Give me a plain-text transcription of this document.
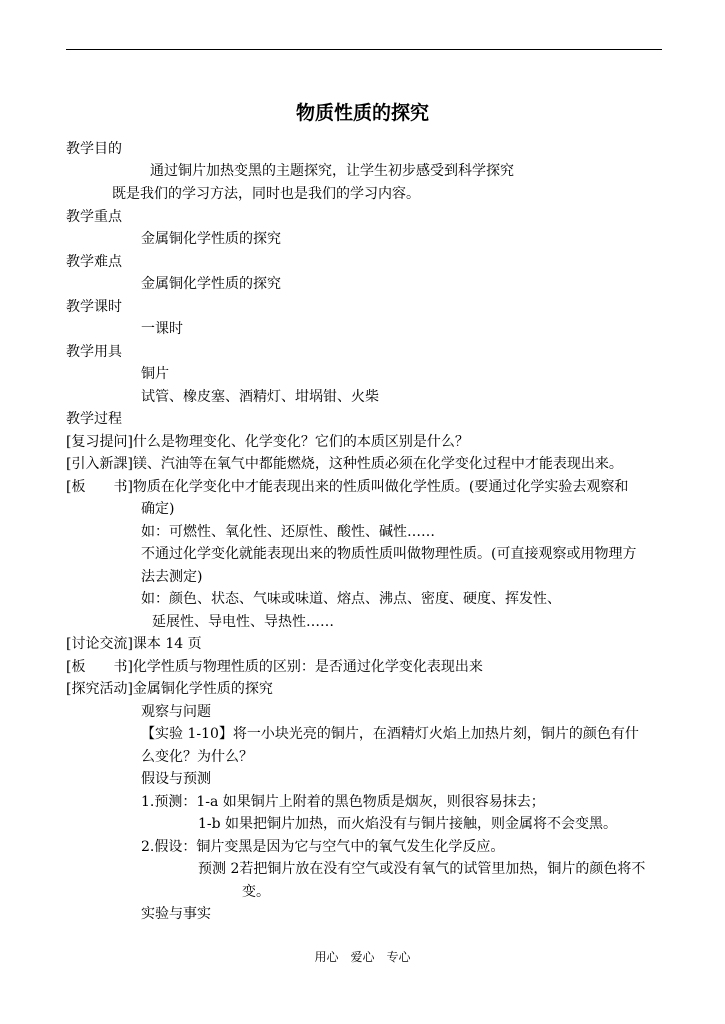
物质性质的探究
教学目的
通过铜片加热变黑的主题探究，让学生初步感受到科学探究
既是我们的学习方法，同时也是我们的学习内容。
教学重点
金属铜化学性质的探究
教学难点
金属铜化学性质的探究
教学课时
一课时
教学用具
铜片
试管、橡皮塞、酒精灯、坩埚钳、火柴
教学过程
[复习提问]什么是物理变化、化学变化？它们的本质区别是什么？
[引入新課]镁、汽油等在氧气中都能燃烧，这种性质必须在化学变化过程中才能表现出来。
[板　　书]物质在化学变化中才能表现出来的性质叫做化学性质。(要通过化学实验去观察和
确定)
如：可燃性、氧化性、还原性、酸性、碱性……
不通过化学变化就能表现出来的物质性质叫做物理性质。(可直接观察或用物理方
法去测定)
如：颜色、状态、气味或味道、熔点、沸点、密度、硬度、挥发性、
延展性、导电性、导热性……
[讨论交流]课本 14 页
[板　　书]化学性质与物理性质的区别：是否通过化学变化表现出来
[探究活动]金属铜化学性质的探究
观察与问题
【实验 1-10】将一小块光亮的铜片，在酒精灯火焰上加热片刻，铜片的颜色有什
么变化？为什么？
假设与预测
1.预测：1-a 如果铜片上附着的黑色物质是烟灰，则很容易抹去；
1-b 如果把铜片加热，而火焰没有与铜片接触，则金属将不会变黑。
2.假设：铜片变黑是因为它与空气中的氧气发生化学反应。
预测 2若把铜片放在没有空气或没有氧气的试管里加热，铜片的颜色将不
变。
实验与事实
用心　爱心　专心
